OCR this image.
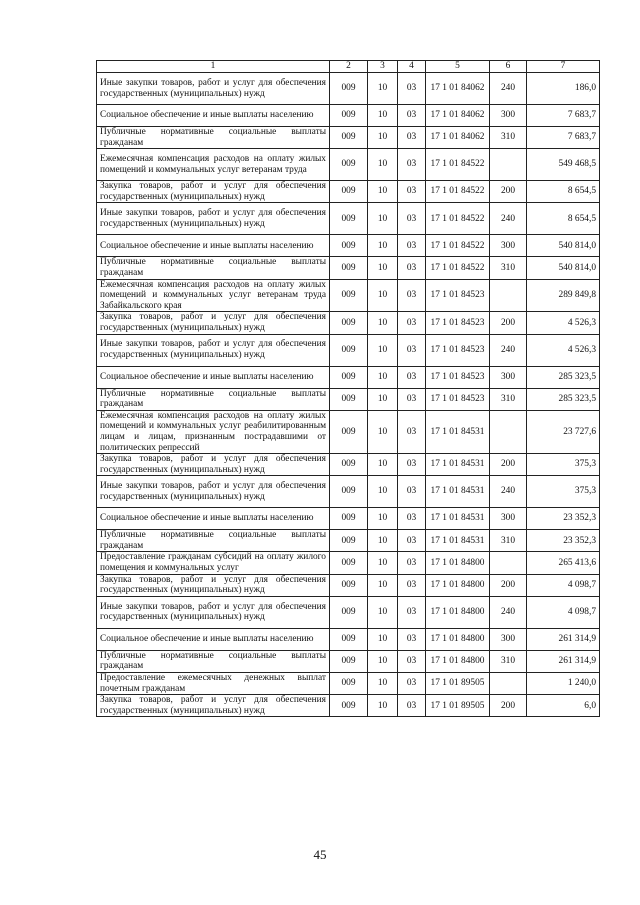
1	2	3	4	5	6	7
Иные закупки товаров, работ и услуг для обеспечения государственных (муниципальных) нужд	009	10	03	17 1 01 84062	240	186,0
Социальное обеспечение и иные выплаты населению	009	10	03	17 1 01 84062	300	7 683,7
Публичные нормативные социальные выплаты гражданам	009	10	03	17 1 01 84062	310	7 683,7
Ежемесячная компенсация расходов на оплату жилых помещений и коммунальных услуг ветеранам труда	009	10	03	17 1 01 84522		549 468,5
Закупка товаров, работ и услуг для обеспечения государственных (муниципальных) нужд	009	10	03	17 1 01 84522	200	8 654,5
Иные закупки товаров, работ и услуг для обеспечения государственных (муниципальных) нужд	009	10	03	17 1 01 84522	240	8 654,5
Социальное обеспечение и иные выплаты населению	009	10	03	17 1 01 84522	300	540 814,0
Публичные нормативные социальные выплаты гражданам	009	10	03	17 1 01 84522	310	540 814,0
Ежемесячная компенсация расходов на оплату жилых помещений и коммунальных услуг ветеранам труда Забайкальского края	009	10	03	17 1 01 84523		289 849,8
Закупка товаров, работ и услуг для обеспечения государственных (муниципальных) нужд	009	10	03	17 1 01 84523	200	4 526,3
Иные закупки товаров, работ и услуг для обеспечения государственных (муниципальных) нужд	009	10	03	17 1 01 84523	240	4 526,3
Социальное обеспечение и иные выплаты населению	009	10	03	17 1 01 84523	300	285 323,5
Публичные нормативные социальные выплаты гражданам	009	10	03	17 1 01 84523	310	285 323,5
Ежемесячная компенсация расходов на оплату жилых помещений и коммунальных услуг реабилитированным лицам и лицам, признанным пострадавшими от политических репрессий	009	10	03	17 1 01 84531		23 727,6
Закупка товаров, работ и услуг для обеспечения государственных (муниципальных) нужд	009	10	03	17 1 01 84531	200	375,3
Иные закупки товаров, работ и услуг для обеспечения государственных (муниципальных) нужд	009	10	03	17 1 01 84531	240	375,3
Социальное обеспечение и иные выплаты населению	009	10	03	17 1 01 84531	300	23 352,3
Публичные нормативные социальные выплаты гражданам	009	10	03	17 1 01 84531	310	23 352,3
Предоставление гражданам субсидий на оплату жилого помещения и коммунальных услуг	009	10	03	17 1 01 84800		265 413,6
Закупка товаров, работ и услуг для обеспечения государственных (муниципальных) нужд	009	10	03	17 1 01 84800	200	4 098,7
Иные закупки товаров, работ и услуг для обеспечения государственных (муниципальных) нужд	009	10	03	17 1 01 84800	240	4 098,7
Социальное обеспечение и иные выплаты населению	009	10	03	17 1 01 84800	300	261 314,9
Публичные нормативные социальные выплаты гражданам	009	10	03	17 1 01 84800	310	261 314,9
Предоставление ежемесячных денежных выплат почетным гражданам	009	10	03	17 1 01 89505		1 240,0
Закупка товаров, работ и услуг для обеспечения государственных (муниципальных) нужд	009	10	03	17 1 01 89505	200	6,0
45
